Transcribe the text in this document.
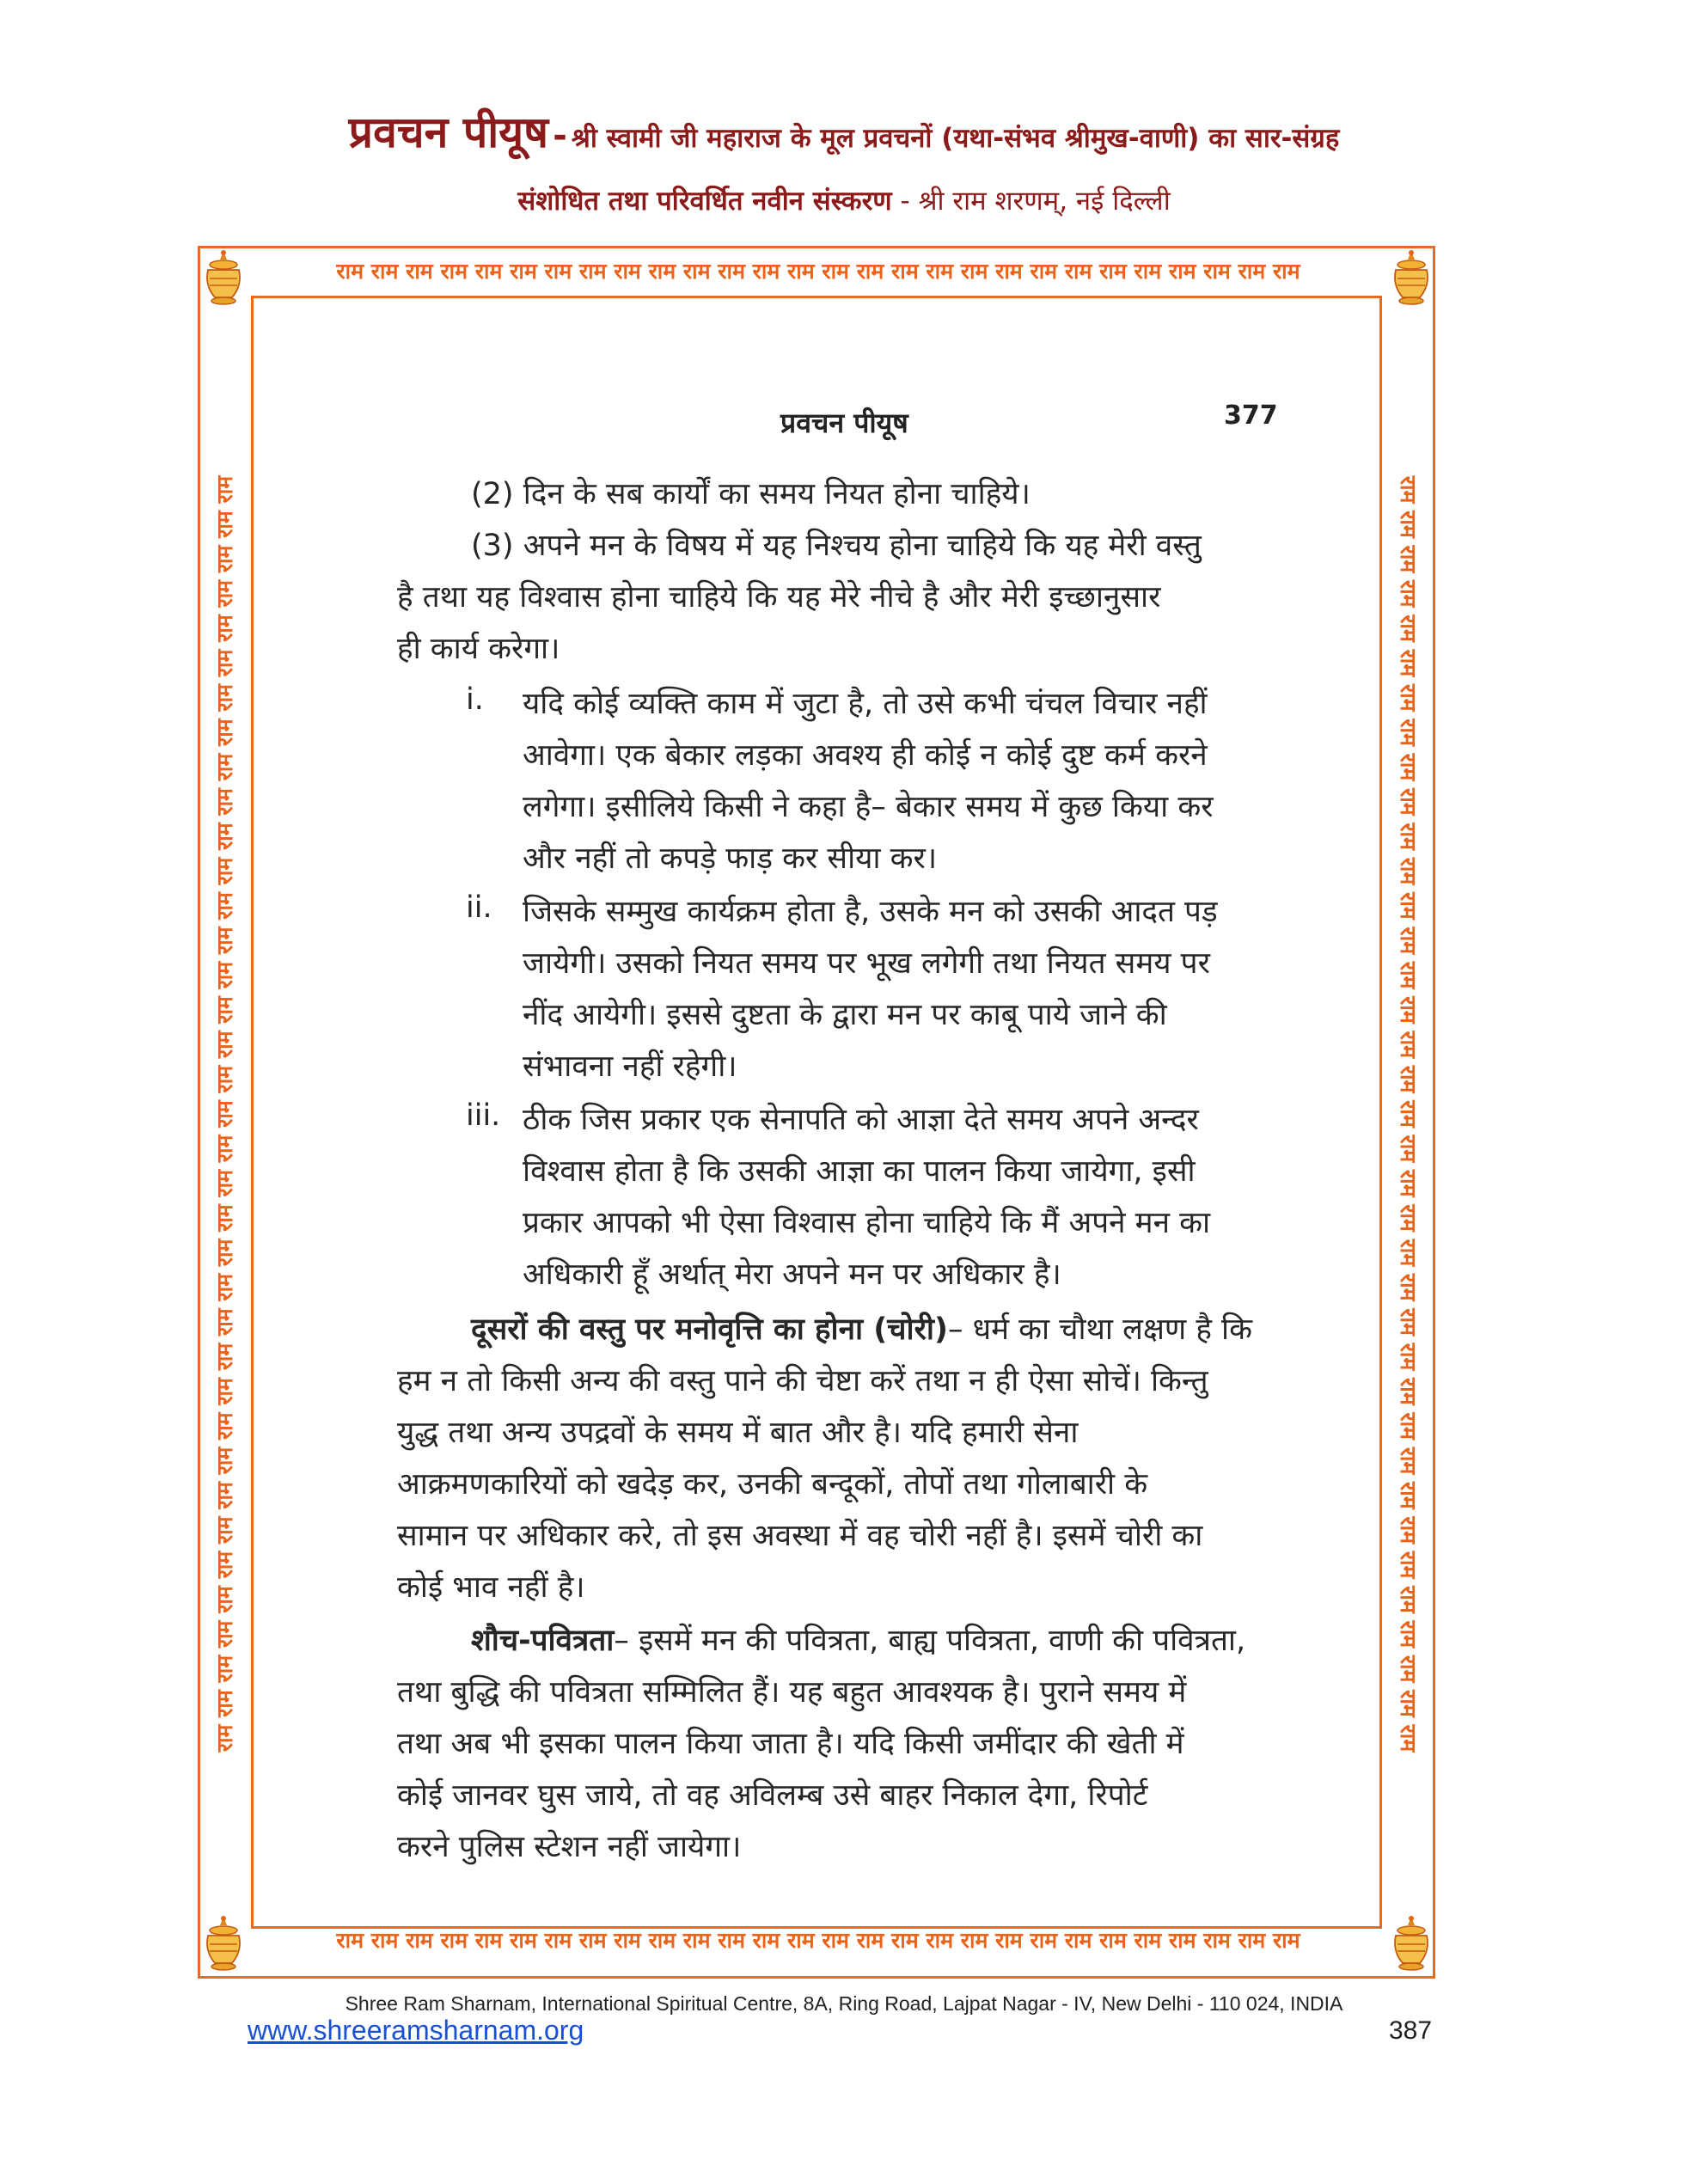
प्रवचन पीयूष - श्री स्वामी जी महाराज के मूल प्रवचनों (यथा-संभव श्रीमुख-वाणी) का सार-संग्रह
संशोधित तथा परिवर्धित नवीन संस्करण - श्री राम शरणम्, नई दिल्ली
राम राम राम राम राम राम राम राम राम राम राम राम राम राम राम राम राम राम राम राम राम राम राम राम राम राम राम राम
राम राम राम राम राम राम राम राम राम राम राम राम राम राम राम राम राम राम राम राम राम राम राम राम राम राम राम राम
राम राम राम राम राम राम राम राम राम राम राम राम राम राम राम राम राम राम राम राम राम राम राम राम राम राम राम राम राम राम राम राम राम राम राम राम राम	राम राम राम राम राम राम राम राम राम राम राम राम राम राम राम राम राम राम राम राम राम राम राम राम राम राम राम राम राम राम राम राम राम राम राम राम राम
प्रवचन पीयूष	377
(2) दिन के सब कार्यों का समय नियत होना चाहिये।
(3) अपने मन के विषय में यह निश्चय होना चाहिये कि यह मेरी वस्तु
है तथा यह विश्वास होना चाहिये कि यह मेरे नीचे है और मेरी इच्छानुसार
ही कार्य करेगा।
i. यदि कोई व्यक्ति काम में जुटा है, तो उसे कभी चंचल विचार नहीं
आवेगा। एक बेकार लड़का अवश्य ही कोई न कोई दुष्ट कर्म करने
लगेगा। इसीलिये किसी ने कहा है– बेकार समय में कुछ किया कर
और नहीं तो कपड़े फाड़ कर सीया कर।
ii. जिसके सम्मुख कार्यक्रम होता है, उसके मन को उसकी आदत पड़
जायेगी। उसको नियत समय पर भूख लगेगी तथा नियत समय पर
नींद आयेगी। इससे दुष्टता के द्वारा मन पर काबू पाये जाने की
संभावना नहीं रहेगी।
iii. ठीक जिस प्रकार एक सेनापति को आज्ञा देते समय अपने अन्दर
विश्वास होता है कि उसकी आज्ञा का पालन किया जायेगा, इसी
प्रकार आपको भी ऐसा विश्वास होना चाहिये कि मैं अपने मन का
अधिकारी हूँ अर्थात् मेरा अपने मन पर अधिकार है।
दूसरों की वस्तु पर मनोवृत्ति का होना (चोरी)– धर्म का चौथा लक्षण है कि
हम न तो किसी अन्य की वस्तु पाने की चेष्टा करें तथा न ही ऐसा सोचें। किन्तु
युद्ध तथा अन्य उपद्रवों के समय में बात और है। यदि हमारी सेना
आक्रमणकारियों को खदेड़ कर, उनकी बन्दूकों, तोपों तथा गोलाबारी के
सामान पर अधिकार करे, तो इस अवस्था में वह चोरी नहीं है। इसमें चोरी का
कोई भाव नहीं है।
शौच-पवित्रता– इसमें मन की पवित्रता, बाह्य पवित्रता, वाणी की पवित्रता,
तथा बुद्धि की पवित्रता सम्मिलित हैं। यह बहुत आवश्यक है। पुराने समय में
तथा अब भी इसका पालन किया जाता है। यदि किसी जमींदार की खेती में
कोई जानवर घुस जाये, तो वह अविलम्ब उसे बाहर निकाल देगा, रिपोर्ट
करने पुलिस स्टेशन नहीं जायेगा।
Shree Ram Sharnam, International Spiritual Centre, 8A, Ring Road, Lajpat Nagar - IV, New Delhi - 110 024, INDIA
www.shreeramsharnam.org	387
